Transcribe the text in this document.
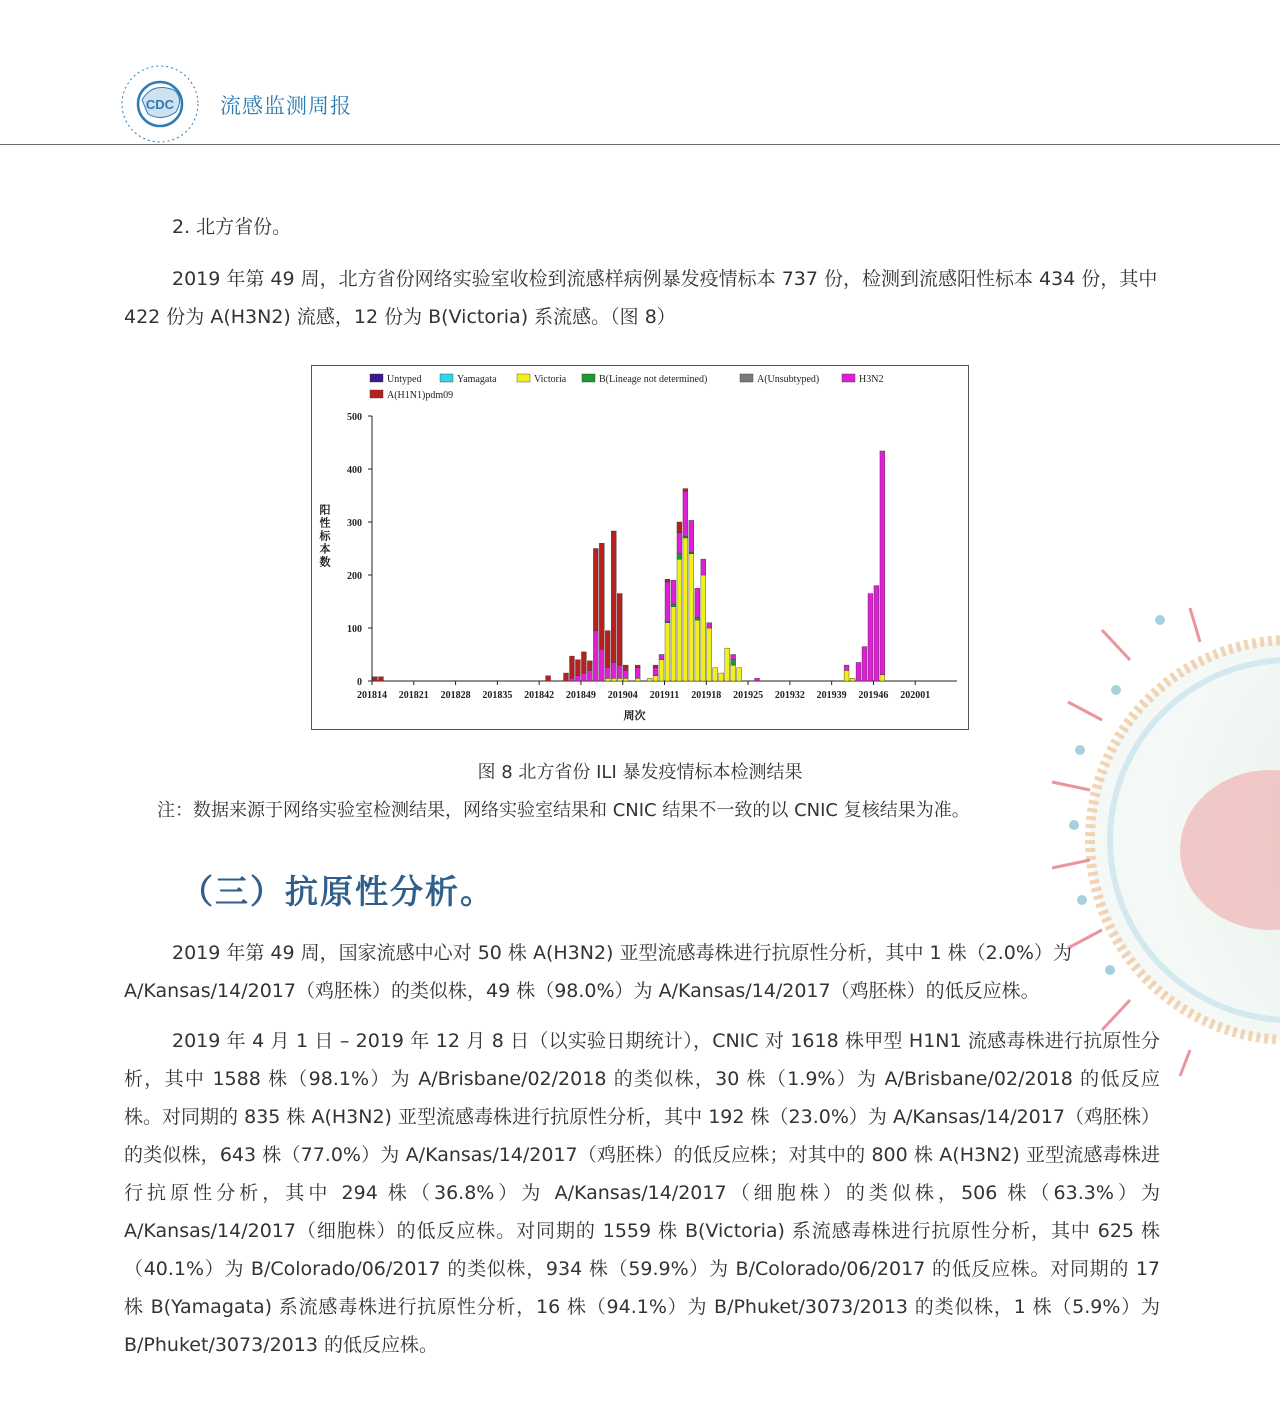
CDC 流感监测周报
2. 北方省份。
2019 年第 49 周，北方省份网络实验室收检到流感样病例暴发疫情标本 737 份，检测到流感阳性标本 434 份，其中 422 份为 A(H3N2) 流感，12 份为 B(Victoria) 系流感。（图 8）
0
100
200
300
400
500
201814 201821 201828 201835 201842 201849 201904 201911 201918 201925 201932 201939 201946 202001
周次
阳性标本数
Untyped	Yamagata	Victoria	B(Lineage not determined)	A(Unsubtyped)	H3N2
A(H1N1)pdm09
图 8 北方省份 ILI 暴发疫情标本检测结果
注：数据来源于网络实验室检测结果，网络实验室结果和 CNIC 结果不一致的以 CNIC 复核结果为准。
（三）抗原性分析。
2019 年第 49 周，国家流感中心对 50 株 A(H3N2) 亚型流感毒株进行抗原性分析，其中 1 株（2.0%）为 A/Kansas/14/2017（鸡胚株）的类似株，49 株（98.0%）为 A/Kansas/14/2017（鸡胚株）的低反应株。
2019 年 4 月 1 日 – 2019 年 12 月 8 日（以实验日期统计），CNIC 对 1618 株甲型 H1N1 流感毒株进行抗原性分析，其中 1588 株（98.1%）为 A/Brisbane/02/2018 的类似株，30 株（1.9%）为 A/Brisbane/02/2018 的低反应株。对同期的 835 株 A(H3N2) 亚型流感毒株进行抗原性分析，其中 192 株（23.0%）为 A/Kansas/14/2017（鸡胚株）的类似株，643 株（77.0%）为 A/Kansas/14/2017（鸡胚株）的低反应株；对其中的 800 株 A(H3N2) 亚型流感毒株进行抗原性分析，其中 294 株（36.8%）为 A/Kansas/14/2017（细胞株）的类似株，506 株（63.3%）为 A/Kansas/14/2017（细胞株）的低反应株。对同期的 1559 株 B(Victoria) 系流感毒株进行抗原性分析，其中 625 株（40.1%）为 B/Colorado/06/2017 的类似株，934 株（59.9%）为 B/Colorado/06/2017 的低反应株。对同期的 17 株 B(Yamagata) 系流感毒株进行抗原性分析，16 株（94.1%）为 B/Phuket/3073/2013 的类似株，1 株（5.9%）为 B/Phuket/3073/2013 的低反应株。
